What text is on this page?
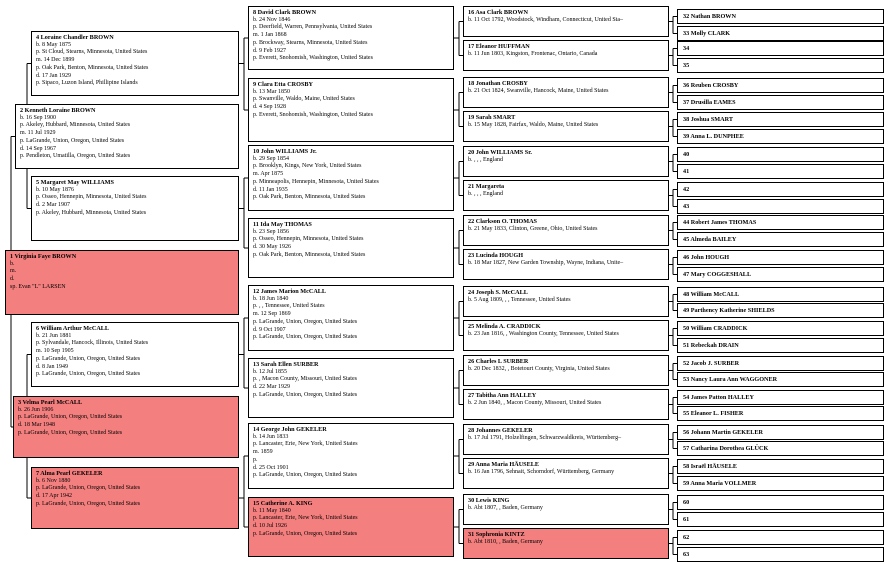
1 Virginia Faye BROWN
b.
m.
d.
sp. Evan "L" LARSEN
2 Kenneth Loraine BROWN
b. 16 Sep 1900
p. Akeley, Hubbard, Minnesota, United States
m. 11 Jul 1929
p. LaGrande, Union, Oregon, United States
d. 14 Sep 1967
p. Pendleton, Umatilla, Oregon, United States
3 Velma Pearl McCALL
b. 26 Jun 1906
p. LaGrande, Union, Oregon, United States
d. 18 Mar 1948
p. LaGrande, Union, Oregon, United States
4 Loraine Chandler BROWN
b. 8 May 1875
p. St Cloud, Stearns, Minnesota, United States
m. 14 Dec 1899
p. Oak Park, Benton, Minnesota, United States
d. 17 Jan 1929
p. Sipaco, Luzon Island, Phillipine Islands
5 Margaret May WILLIAMS
b. 10 May 1876
p. Osseo, Hennepin, Minnesota, United States
d. 2 Mar 1907
p. Akeley, Hubbard, Minnesota, United States
6 William Arthur McCALL
b. 21 Jun 1881
p. Sylvandale, Hancock, Illinois, United States
m. 10 Sep 1905
p. LaGrande, Union, Oregon, United States
d. 8 Jan 1949
p. LaGrande, Union, Oregon, United States
7 Alma Pearl GEKELER
b. 6 Nov 1880
p. LaGrande, Union, Oregon, United States
d. 17 Apr 1942
p. LaGrande, Union, Oregon, United States
8 David Clark BROWN
b. 24 Nov 1846
p. Deerfield, Warren, Pennsylvania, United States
m. 1 Jan 1868
p. Brockway, Stearns, Minnesota, United States
d. 9 Feb 1927
p. Everett, Snohomish, Washington, United States
9 Clara Etta CROSBY
b. 13 Mar 1850
p. Swanville, Waldo, Maine, United States
d. 4 Sep 1928
p. Everett, Snohomish, Washington, United States
10 John WILLIAMS Jr.
b. 29 Sep 1854
p. Brooklyn, Kings, New York, United States
m. Apr 1875
p. Minneapolis, Hennepin, Minnesota, United States
d. 11 Jan 1935
p. Oak Park, Benton, Minnesota, United States
11 Ida May THOMAS
b. 23 Sep 1856
p. Osseo, Hennepin, Minnesota, United States
d. 30 May 1926
p. Oak Park, Benton, Minnesota, United States
12 James Marion McCALL
b. 18 Jun 1840
p. , , Tennessee, United States
m. 12 Sep 1869
p. LaGrande, Union, Oregon, United States
d. 9 Oct 1907
p. LaGrande, Union, Oregon, United States
13 Sarah Ellen SURBER
b. 12 Jul 1855
p. , Macon County, Missouri, United States
d. 22 Mar 1929
p. LaGrande, Union, Oregon, United States
14 George John GEKELER
b. 14 Jun 1833
p. Lancaster, Erie, New York, United States
m. 1859
p.
d. 25 Oct 1901
p. LaGrande, Union, Oregon, United States
15 Catherine A. KING
b. 11 May 1840
p. Lancaster, Erie, New York, United States
d. 10 Jul 1926
p. LaGrande, Union, Oregon, United States
16 Asa Clark BROWN
b. 11 Oct 1792, Woodstock, Windham, Connecticut, United Sta–
17 Eleanor HUFFMAN
b. 11 Jun 1803, Kingston, Frontenac, Ontario, Canada
18 Jonathan CROSBY
b. 21 Oct 1824, Swanville, Hancock, Maine, United States
19 Sarah SMART
b. 15 May 1828, Fairfax, Waldo, Maine, United States
20 John WILLIAMS Sr.
b. , , , England
21 Margareta
b. , , , England
22 Clarkson O. THOMAS
b. 21 May 1833, Clinton, Greene, Ohio, United States
23 Lucinda HOUGH
b. 18 Mar 1827, New Garden Township, Wayne, Indiana, Unite–
24 Joseph S. McCALL
b. 5 Aug 1809, , , Tennessee, United States
25 Melinda A. CRADDICK
b. 23 Jan 1816, , Washington County, Tennessee, United States
26 Charles L SURBER
b. 20 Dec 1832, , Botetourt County, Virginia, United States
27 Tabitha Ann HALLEY
b. 2 Jun 1840, , Macon County, Missouri, United States
28 Johannes GEKELER
b. 17 Jul 1791, Holzelfingen, Schwarzwaldkreis, Württemberg–
29 Anna Maria HÄUSELE
b. 16 Jan 1796, Sehnait, Schorndorf, Württemberg, Germany
30 Lewis KING
b. Abt 1807, , Baden, Germany
31 Sophronia KINTZ
b. Abt 1810, , Baden, Germany
32 Nathan BROWN
33 Molly CLARK
34
35
36 Reuben CROSBY
37 Drusilla EAMES
38 Joshua SMART
39 Anna L. DUNPHEE
40
41
42
43
44 Robert James THOMAS
45 Almeda BAILEY
46 John HOUGH
47 Mary COGGESHALL
48 William McCALL
49 Parthency Katherine SHIELDS
50 William CRADDICK
51 Rebeckah DRAIN
52 Jacob J. SURBER
53 Nancy Laura Ann WAGGONER
54 James Patton HALLEY
55 Eleanor L. FISHER
56 Johann Martin GEKELER
57 Catharina Dorothea GLÜCK
58 Israël HÄUSELE
59 Anna Maria VOLLMER
60
61
62
63
